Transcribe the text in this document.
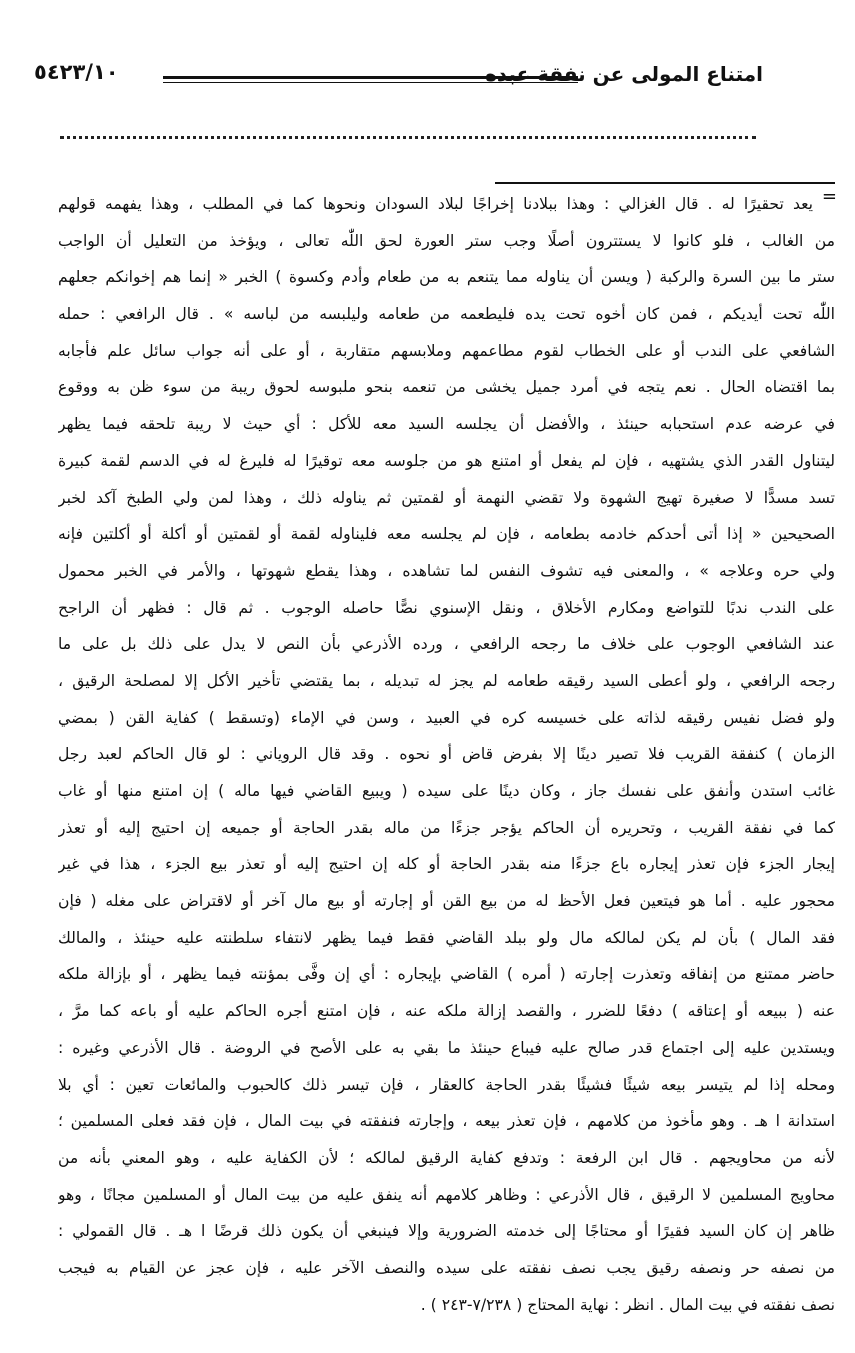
امتناع المولى عن نفقة عبده
٥٤٢٣/١٠
=
يعد تحقيرًا له . قال الغزالي : وهذا ببلادنا إخراجًا لبلاد السودان ونحوها كما في المطلب ، وهذا يفهمه قولهم
من الغالب ، فلو كانوا لا يستترون أصلًا وجب ستر العورة لحق اللّٰه تعالى ، ويؤخذ من التعليل أن الواجب
ستر ما بين السرة والركبة ( ويسن أن يناوله مما يتنعم به من طعام وأدم وكسوة ) الخبر « إنما هم إخوانكم جعلهم
اللّٰه تحت أيديكم ، فمن كان أخوه تحت يده فليطعمه من طعامه وليلبسه من لباسه » . قال الرافعي : حمله
الشافعي على الندب أو على الخطاب لقوم مطاعمهم وملابسهم متقاربة ، أو على أنه جواب سائل علم فأجابه
بما اقتضاه الحال . نعم يتجه في أمرد جميل يخشى من تنعمه بنحو ملبوسه لحوق ريبة من سوء ظن به ووقوع
في عرضه عدم استحبابه حينئذ ، والأفضل أن يجلسه السيد معه للأكل : أي حيث لا ريبة تلحقه فيما يظهر
ليتناول القدر الذي يشتهيه ، فإن لم يفعل أو امتنع هو من جلوسه معه توقيرًا له فليرغ له في الدسم لقمة كبيرة
تسد مسدًّا لا صغيرة تهيج الشهوة ولا تقضي النهمة أو لقمتين ثم يناوله ذلك ، وهذا لمن ولي الطبخ آكد لخبر
الصحيحين « إذا أتى أحدكم خادمه بطعامه ، فإن لم يجلسه معه فليناوله لقمة أو لقمتين أو أكلة أو أكلتين فإنه
ولي حره وعلاجه » ، والمعنى فيه تشوف النفس لما تشاهده ، وهذا يقطع شهوتها ، والأمر في الخبر محمول
على الندب ندبًا للتواضع ومكارم الأخلاق ، ونقل الإسنوي نصًّا حاصله الوجوب . ثم قال : فظهر أن الراجح
عند الشافعي الوجوب على خلاف ما رجحه الرافعي ، ورده الأذرعي بأن النص لا يدل على ذلك بل على ما
رجحه الرافعي ، ولو أعطى السيد رقيقه طعامه لم يجز له تبديله ، بما يقتضي تأخير الأكل إلا لمصلحة الرقيق ،
ولو فضل نفيس رقيقه لذاته على خسيسه كره في العبيد ، وسن في الإماء (وتسقط ) كفاية القن ( بمضي
الزمان ) كنفقة القريب فلا تصير دينًا إلا بفرض قاض أو نحوه . وقد قال الروياني : لو قال الحاكم لعبد رجل
غائب استدن وأنفق على نفسك جاز ، وكان دينًا على سيده ( ويبيع القاضي فيها ماله ) إن امتنع منها أو غاب
كما في نفقة القريب ، وتحريره أن الحاكم يؤجر جزءًا من ماله بقدر الحاجة أو جميعه إن احتيج إليه أو تعذر
إيجار الجزء فإن تعذر إيجاره باع جزءًا منه بقدر الحاجة أو كله إن احتيج إليه أو تعذر بيع الجزء ، هذا في غير
محجور عليه . أما هو فيتعين فعل الأحظ له من بيع القن أو إجارته أو بيع مال آخر أو لاقتراض على مغله ( فإن
فقد المال ) بأن لم يكن لمالكه مال ولو ببلد القاضي فقط فيما يظهر لانتفاء سلطنته عليه حينئذ ، والمالك
حاضر ممتنع من إنفاقه وتعذرت إجارته ( أمره ) القاضي بإيجاره : أي إن وفَّى بمؤنته فيما يظهر ، أو بإزالة ملكه
عنه ( ببيعه أو إعتاقه ) دفعًا للضرر ، والقصد إزالة ملكه عنه ، فإن امتنع أجره الحاكم عليه أو باعه كما مرَّ ،
ويستدين عليه إلى اجتماع قدر صالح عليه فيباع حينئذ ما بقي به على الأصح في الروضة . قال الأذرعي وغيره :
ومحله إذا لم يتيسر بيعه شيئًا فشيئًا بقدر الحاجة كالعقار ، فإن تيسر ذلك كالحبوب والمائعات تعين : أي بلا
استدانة ا هـ . وهو مأخوذ من كلامهم ، فإن تعذر بيعه ، وإجارته فنفقته في بيت المال ، فإن فقد فعلى المسلمين ؛
لأنه من محاويجهم . قال ابن الرفعة : وتدفع كفاية الرقيق لمالكه ؛ لأن الكفاية عليه ، وهو المعني بأنه من
محاويج المسلمين لا الرقيق ، قال الأذرعي : وظاهر كلامهم أنه ينفق عليه من بيت المال أو المسلمين مجانًا ، وهو
ظاهر إن كان السيد فقيرًا أو محتاجًا إلى خدمته الضرورية وإلا فينبغي أن يكون ذلك قرضًا ا هـ . قال القمولي :
من نصفه حر ونصفه رقيق يجب نصف نفقته على سيده والنصف الآخر عليه ، فإن عجز عن القيام به فيجب
نصف نفقته في بيت المال . انظر : نهاية المحتاج ( ٧/٢٣٨-٢٤٣ ) .
